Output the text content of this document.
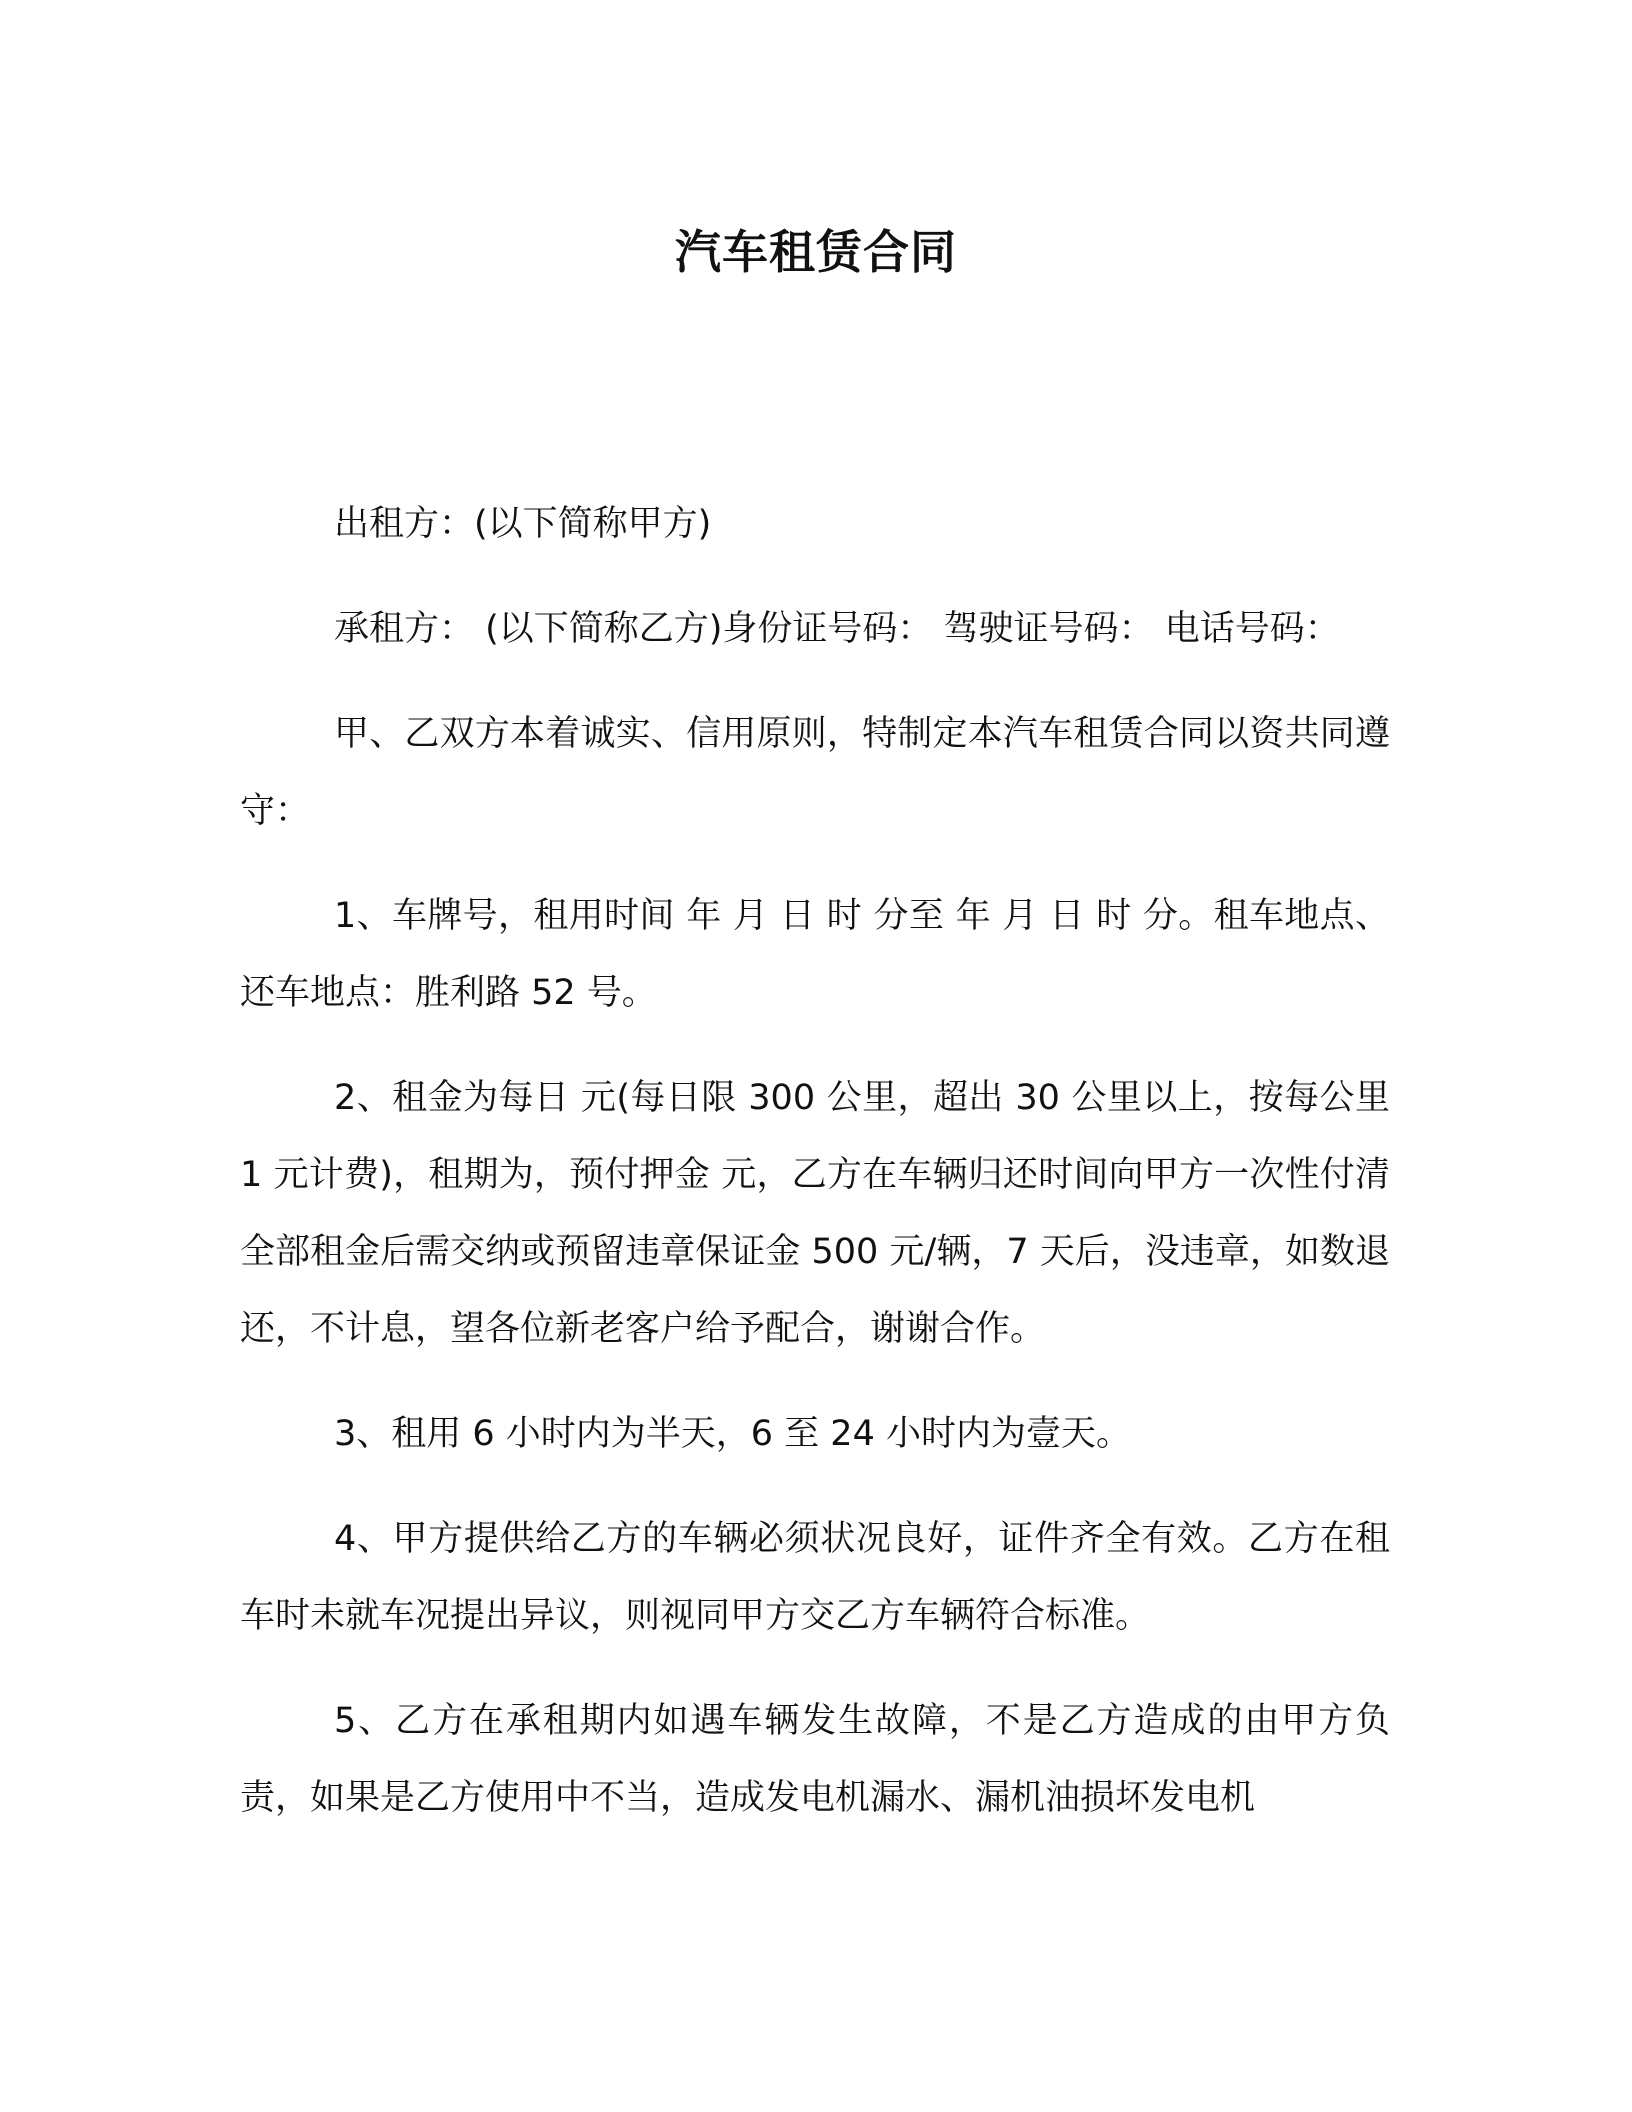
汽车租赁合同

出租方：(以下简称甲方)

承租方： (以下简称乙方)身份证号码： 驾驶证号码： 电话号码：

甲、乙双方本着诚实、信用原则，特制定本汽车租赁合同以资共同遵守：

1、车牌号，租用时间 年 月 日 时 分至 年 月 日 时 分。租车地点、还车地点：胜利路 52 号。

2、租金为每日 元(每日限 300 公里，超出 30 公里以上，按每公里 1 元计费)，租期为，预付押金 元，乙方在车辆归还时间向甲方一次性付清全部租金后需交纳或预留违章保证金 500 元/辆，7 天后，没违章，如数退还，不计息，望各位新老客户给予配合，谢谢合作。

3、租用 6 小时内为半天，6 至 24 小时内为壹天。

4、甲方提供给乙方的车辆必须状况良好，证件齐全有效。乙方在租车时未就车况提出异议，则视同甲方交乙方车辆符合标准。

5、乙方在承租期内如遇车辆发生故障，不是乙方造成的由甲方负责，如果是乙方使用中不当，造成发电机漏水、漏机油损坏发电机
